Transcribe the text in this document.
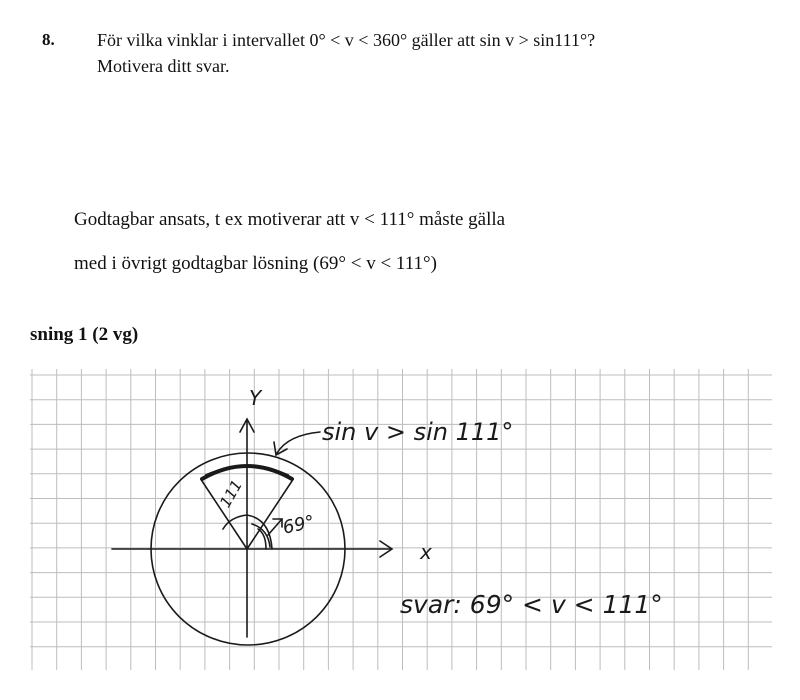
8. För vilka vinklar i intervallet 0° < v < 360° gäller att sin v > sin111°?
Motivera ditt svar.
Godtagbar ansats, t ex motiverar att v < 111° måste gälla
med i övrigt godtagbar lösning (69° < v < 111°)
sning 1 (2 vg)
Y
x
sin v > sin 111°
111
69°
svar: 69° < v < 111°
